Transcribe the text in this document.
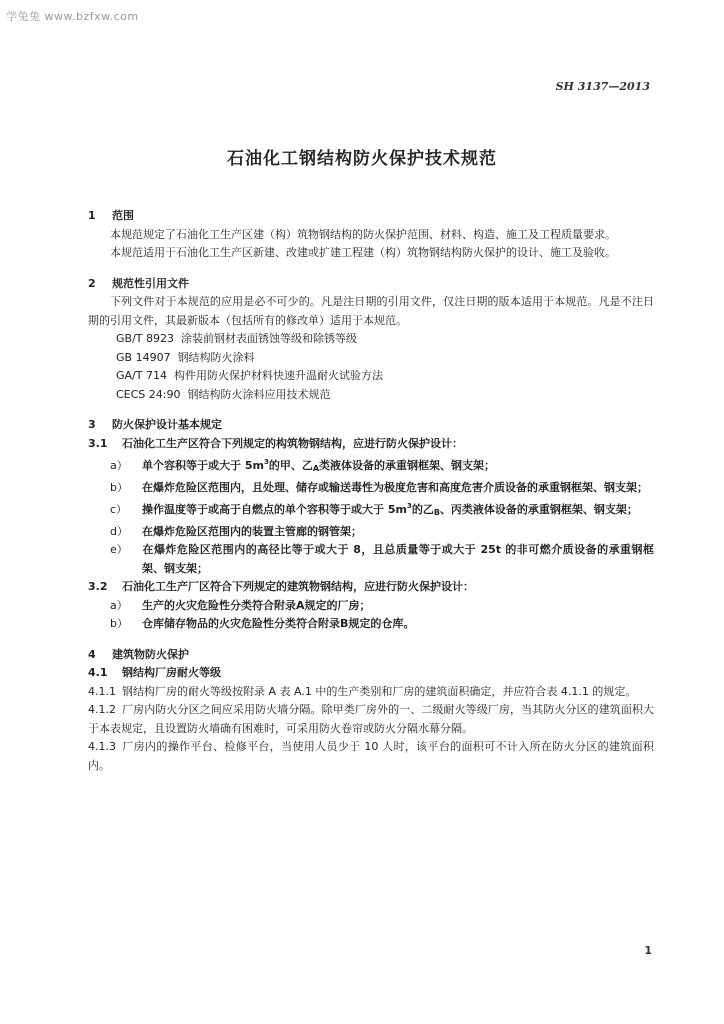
学兔兔 www.bzfxw.com
SH 3137—2013
石油化工钢结构防火保护技术规范

1 范围

本规范规定了石油化工生产区建（构）筑物钢结构的防火保护范围、材料、构造、施工及工程质量要求。

本规范适用于石油化工生产区新建、改建或扩建工程建（构）筑物钢结构防火保护的设计、施工及验收。

2 规范性引用文件

下列文件对于本规范的应用是必不可少的。凡是注日期的引用文件，仅注日期的版本适用于本规范。凡是不注日期的引用文件，其最新版本（包括所有的修改单）适用于本规范。

GB/T 8923 涂装前钢材表面锈蚀等级和除锈等级

GB 14907 钢结构防火涂料

GA/T 714 构件用防火保护材料快速升温耐火试验方法

CECS 24:90 钢结构防火涂料应用技术规范

3 防火保护设计基本规定

3.1 石油化工生产区符合下列规定的构筑物钢结构，应进行防火保护设计：

a） 单个容积等于或大于 $5m^3$的甲、乙$_A$类液体设备的承重钢框架、钢支架；

b） 在爆炸危险区范围内，且处理、储存或输送毒性为极度危害和高度危害介质设备的承重钢框架、钢支架；

c） 操作温度等于或高于自燃点的单个容积等于或大于 $5m^3$的乙$_B$、丙类液体设备的承重钢框架、钢支架；

d） 在爆炸危险区范围内的装置主管廊的钢管架；

e） 在爆炸危险区范围内的高径比等于或大于 8，且总质量等于或大于 25t 的非可燃介质设备的承重钢框架、钢支架；

3.2 石油化工生产厂区符合下列规定的建筑物钢结构，应进行防火保护设计：

a） 生产的火灾危险性分类符合附录A规定的厂房；

b） 仓库储存物品的火灾危险性分类符合附录B规定的仓库。

4 建筑物防火保护

4.1 钢结构厂房耐火等级

4.1.1 钢结构厂房的耐火等级按附录 A 表 A.1 中的生产类别和厂房的建筑面积确定，并应符合表 4.1.1 的规定。

4.1.2 厂房内防火分区之间应采用防火墙分隔。除甲类厂房外的一、二级耐火等级厂房，当其防火分区的建筑面积大于本表规定，且设置防火墙确有困难时，可采用防火卷帘或防火分隔水幕分隔。

4.1.3 厂房内的操作平台、检修平台，当使用人员少于 10 人时，该平台的面积可不计入所在防火分区的建筑面积内。

1
